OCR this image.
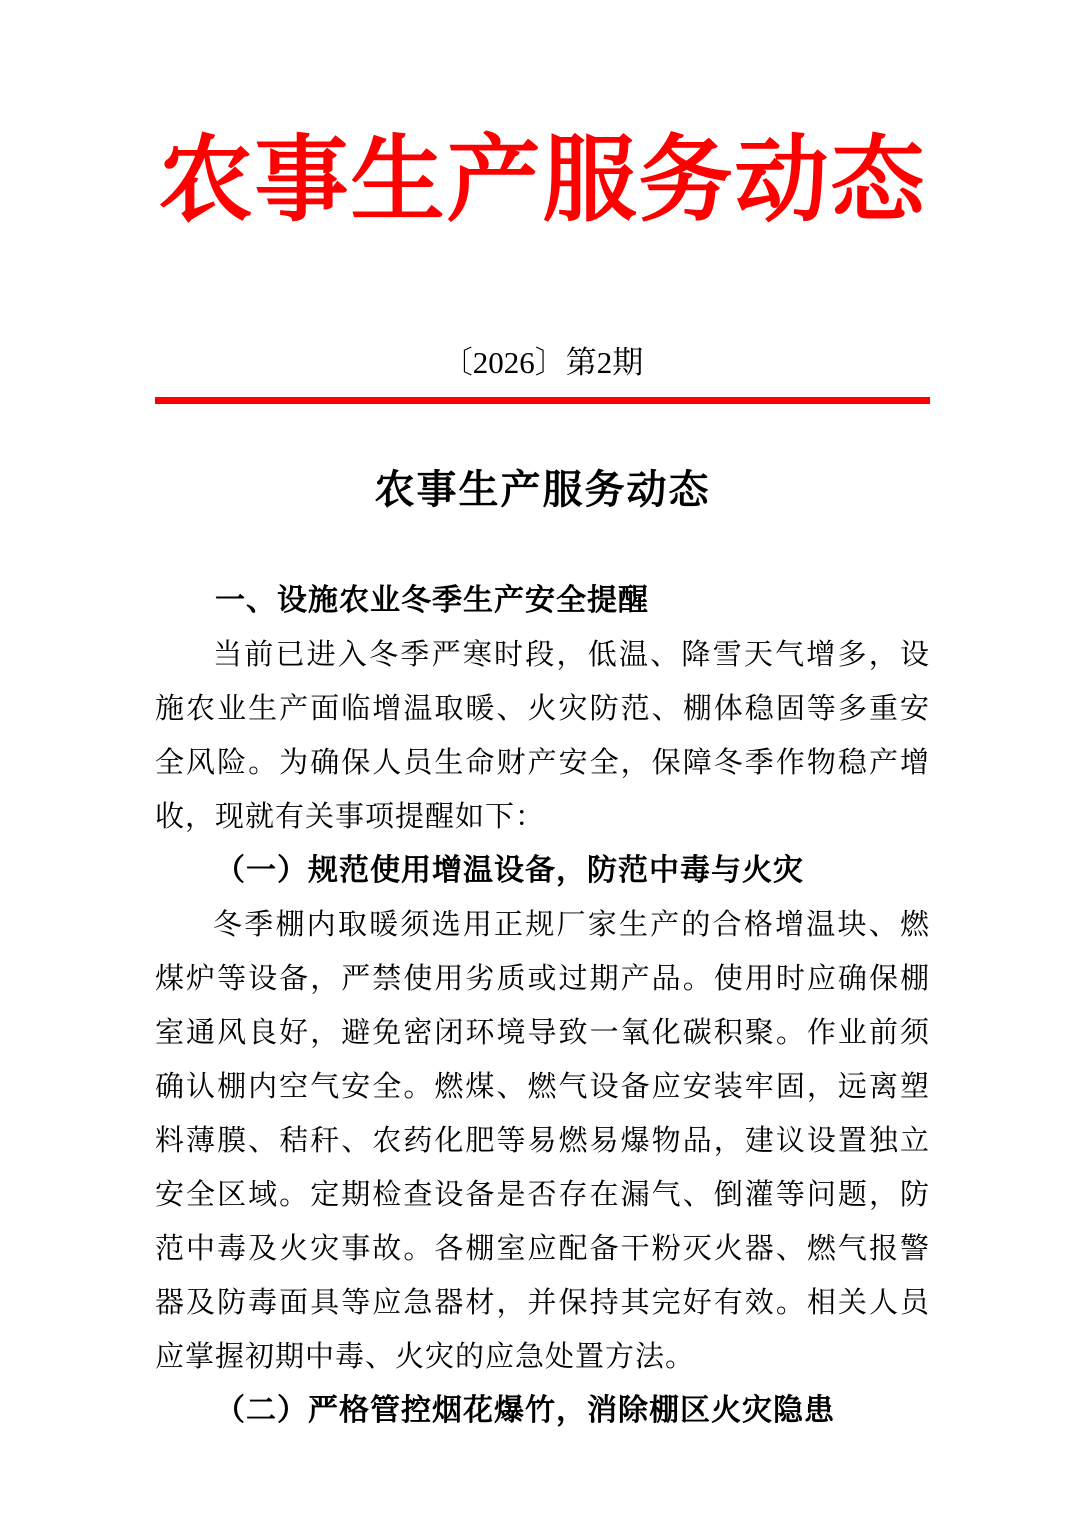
农事生产服务动态
〔2026〕第2期
农事生产服务动态
一、设施农业冬季生产安全提醒

当前已进入冬季严寒时段，低温、降雪天气增多，设施农业生产面临增温取暖、火灾防范、棚体稳固等多重安全风险。为确保人员生命财产安全，保障冬季作物稳产增收，现就有关事项提醒如下：

（一）规范使用增温设备，防范中毒与火灾

冬季棚内取暖须选用正规厂家生产的合格增温块、燃煤炉等设备，严禁使用劣质或过期产品。使用时应确保棚室通风良好，避免密闭环境导致一氧化碳积聚。作业前须确认棚内空气安全。燃煤、燃气设备应安装牢固，远离塑料薄膜、秸秆、农药化肥等易燃易爆物品，建议设置独立安全区域。定期检查设备是否存在漏气、倒灌等问题，防范中毒及火灾事故。各棚室应配备干粉灭火器、燃气报警器及防毒面具等应急器材，并保持其完好有效。相关人员应掌握初期中毒、火灾的应急处置方法。

（二）严格管控烟花爆竹，消除棚区火灾隐患
